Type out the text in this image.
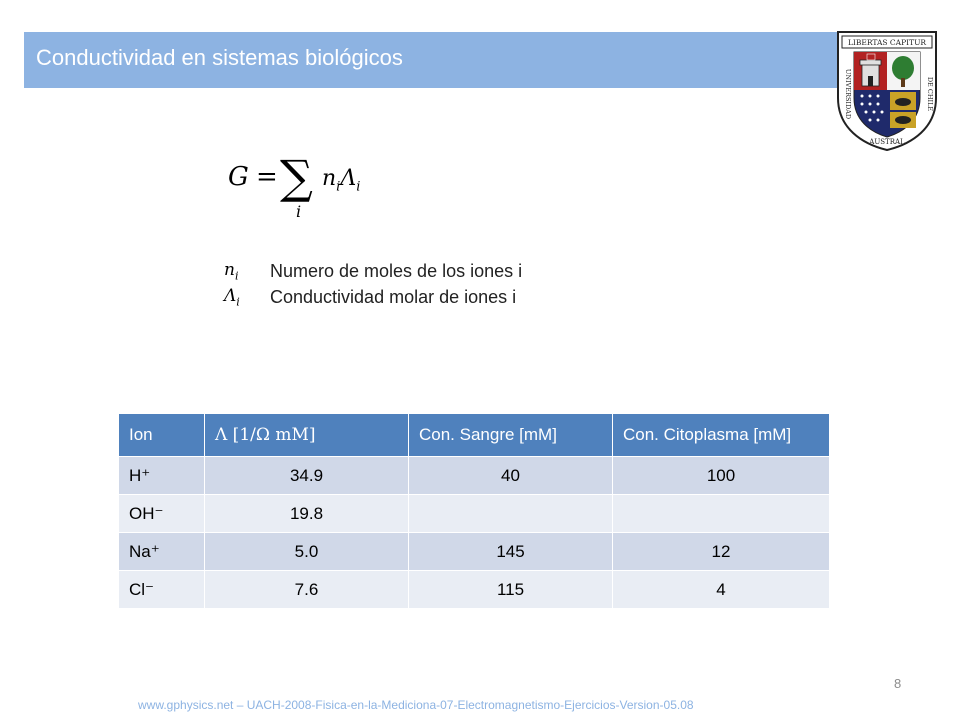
Conductividad en sistemas biológicos
LIBERTAS CAPITUR
UNIVERSIDAD
AUSTRAL
DE CHILE
G = ∑
i
$n_i\Lambda_i$
$n_i$	Numero de moles de los iones i
$\Lambda_i$	Conductividad molar de iones i
Ion	Λ [1/Ω mM]	Con. Sangre [mM]	Con. Citoplasma [mM]
H⁺	34.9	40	100
OH⁻	19.8		
Na⁺	5.0	145	12
Cl⁻	7.6	115	4
8
www.gphysics.net – UACH-2008-Fisica-en-la-Mediciona-07-Electromagnetismo-Ejercicios-Version-05.08
